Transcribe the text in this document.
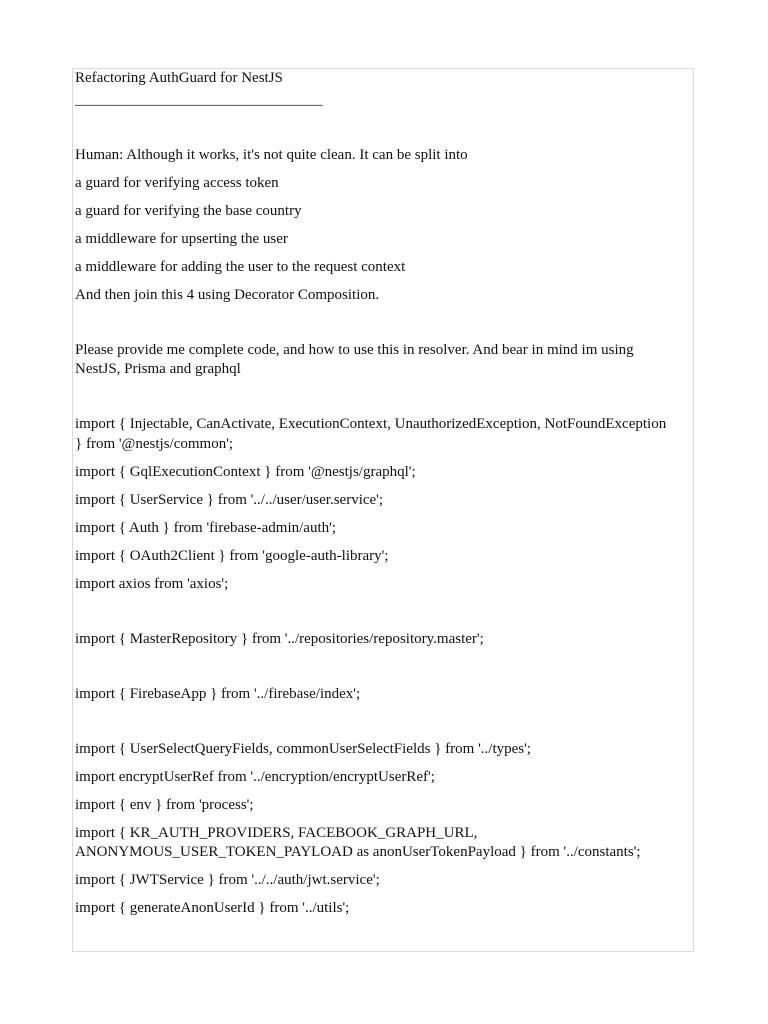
Refactoring AuthGuard for NestJS
_________________________________
Human: Although it works, it's not quite clean. It can be split into
a guard for verifying access token
a guard for verifying the base country
a middleware for upserting the user
a middleware for adding the user to the request context
And then join this 4 using Decorator Composition.
Please provide me complete code, and how to use this in resolver. And bear in mind im using NestJS, Prisma and graphql
import { Injectable, CanActivate, ExecutionContext, UnauthorizedException, NotFoundException } from '@nestjs/common';
import { GqlExecutionContext } from '@nestjs/graphql';
import { UserService } from '../../user/user.service';
import { Auth } from 'firebase-admin/auth';
import { OAuth2Client } from 'google-auth-library';
import axios from 'axios';
import { MasterRepository } from '../repositories/repository.master';
import { FirebaseApp } from '../firebase/index';
import { UserSelectQueryFields, commonUserSelectFields } from '../types';
import encryptUserRef from '../encryption/encryptUserRef';
import { env } from 'process';
import { KR_AUTH_PROVIDERS, FACEBOOK_GRAPH_URL, ANONYMOUS_USER_TOKEN_PAYLOAD as anonUserTokenPayload } from '../constants';
import { JWTService } from '../../auth/jwt.service';
import { generateAnonUserId } from '../utils';
